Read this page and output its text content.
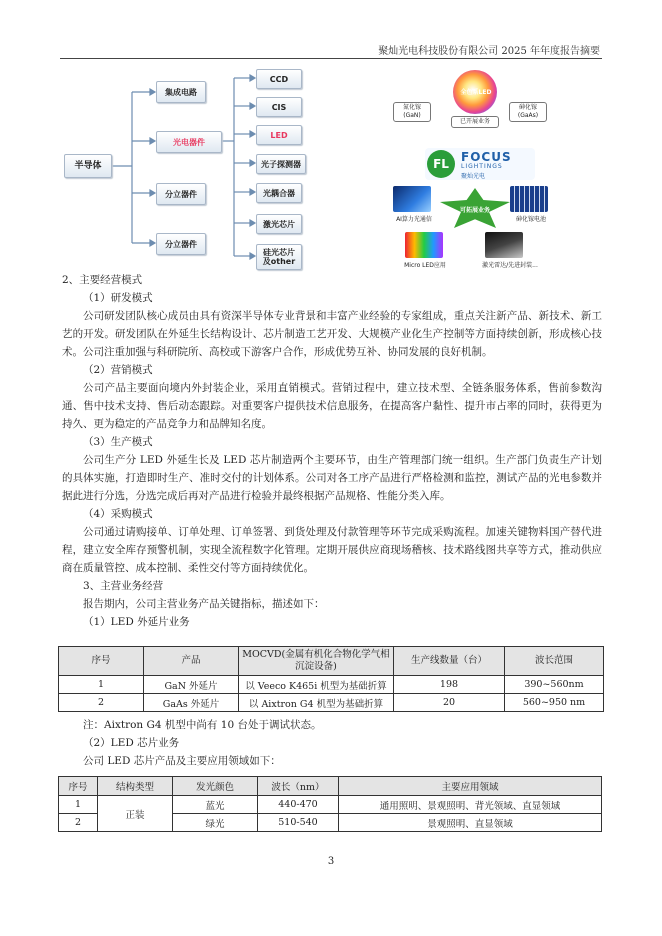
聚灿光电科技股份有限公司 2025 年年度报告摘要
半导体
集成电路
光电器件
分立器件
分立器件
CCD
CIS
LED
光子探测器
光耦合器
激光芯片
硅光芯片
及other
全色系LED
氮化镓
(GaN)
砷化镓
(GaAs)
已开展业务
FL	FOCUS
LIGHTINGS
聚灿光电
可拓展业务
AI算力光通信	砷化镓电池
Micro LED应用	激光雷达/先进封装...

2、主要经营模式

（1）研发模式

公司研发团队核心成员由具有资深半导体专业背景和丰富产业经验的专家组成，重点关注新产品、新技术、新工艺的开发。研发团队在外延生长结构设计、芯片制造工艺开发、大规模产业化生产控制等方面持续创新，形成核心技术。公司注重加强与科研院所、高校或下游客户合作，形成优势互补、协同发展的良好机制。

（2）营销模式

公司产品主要面向境内外封装企业，采用直销模式。营销过程中，建立技术型、全链条服务体系，售前参数沟通、售中技术支持、售后动态跟踪。对重要客户提供技术信息服务，在提高客户黏性、提升市占率的同时，获得更为持久、更为稳定的产品竞争力和品牌知名度。

（3）生产模式

公司生产分 LED 外延生长及 LED 芯片制造两个主要环节，由生产管理部门统一组织。生产部门负责生产计划的具体实施，打造即时生产、准时交付的计划体系。公司对各工序产品进行严格检测和监控，测试产品的光电参数并据此进行分选，分选完成后再对产品进行检验并最终根据产品规格、性能分类入库。

（4）采购模式

公司通过请购接单、订单处理、订单签署、到货处理及付款管理等环节完成采购流程。加速关键物料国产替代进程，建立安全库存预警机制，实现全流程数字化管理。定期开展供应商现场稽核、技术路线图共享等方式，推动供应商在质量管控、成本控制、柔性交付等方面持续优化。

3、主营业务经营

报告期内，公司主营业务产品关键指标，描述如下：

（1）LED 外延片业务

序号	产品	MOCVD(金属有机化合物化学气相沉淀设备)	生产线数量（台）	波长范围
1	GaN 外延片	以 Veeco K465i 机型为基础折算	198	390~560nm
2	GaAs 外延片	以 Aixtron G4 机型为基础折算	20	560~950 nm

注：Aixtron G4 机型中尚有 10 台处于调试状态。

（2）LED 芯片业务

公司 LED 芯片产品及主要应用领域如下：

序号	结构类型	发光颜色	波长（nm）	主要应用领域
1	正装	蓝光	440-470	通用照明、景观照明、背光领域、直显领域
2		绿光	510-540	景观照明、直显领域
3
